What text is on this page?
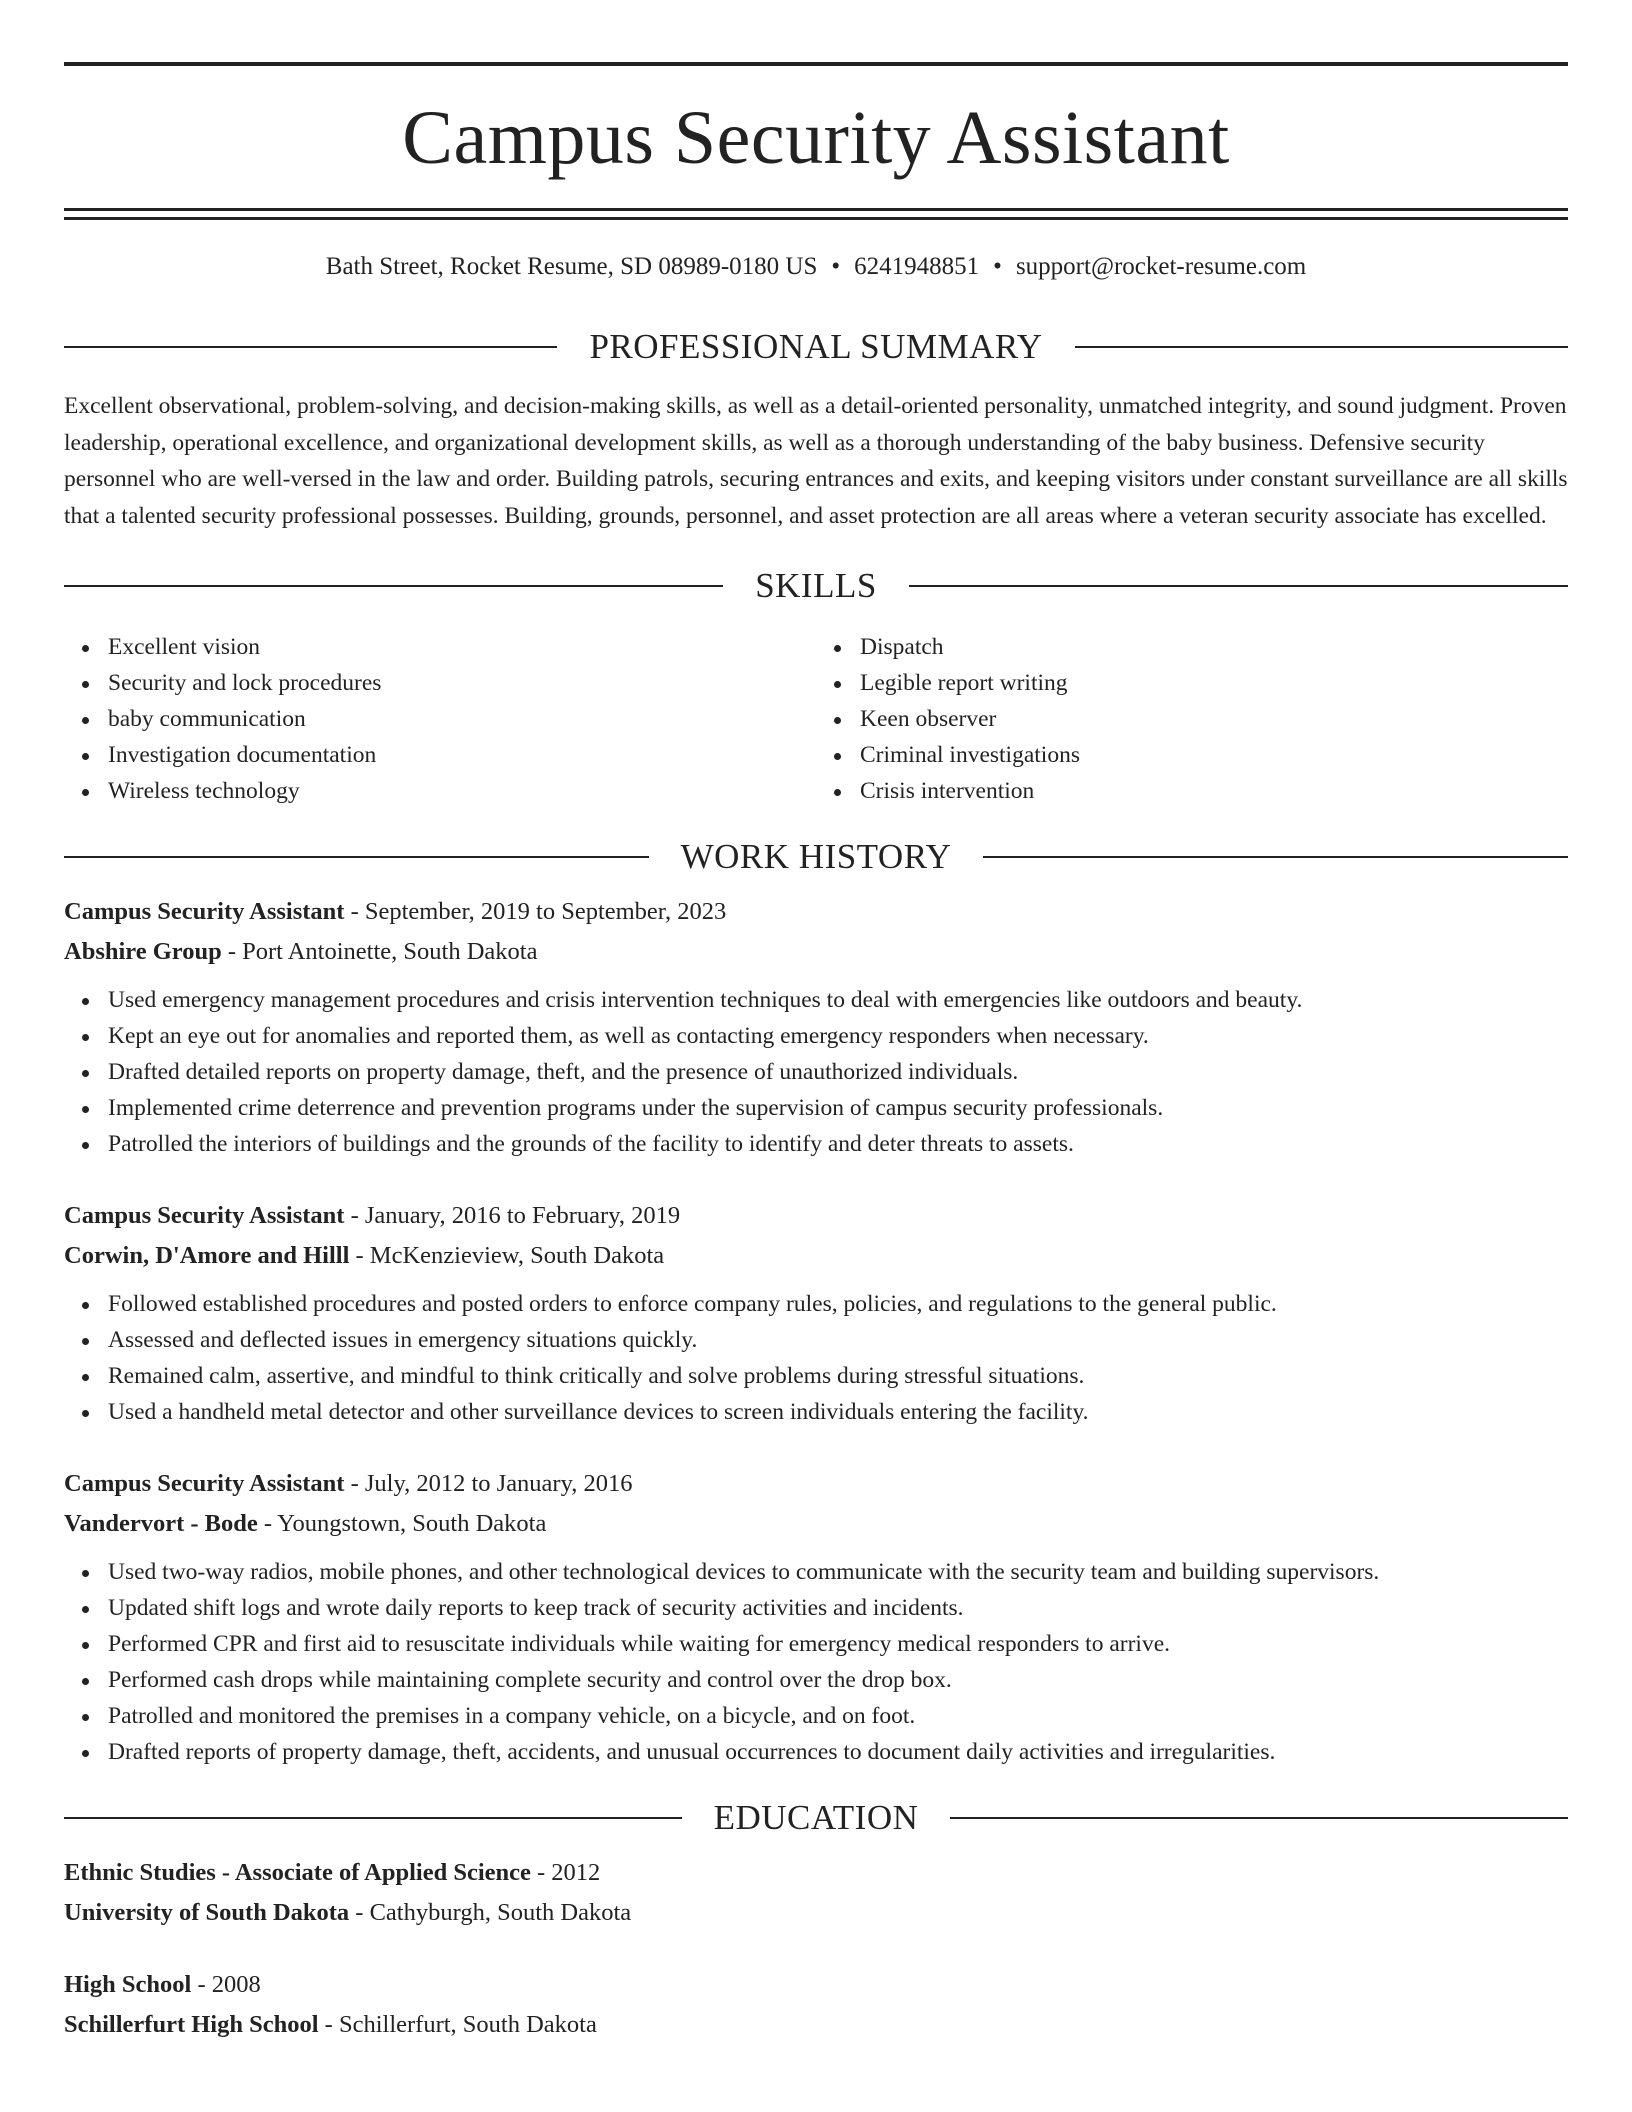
Campus Security Assistant
Bath Street, Rocket Resume, SD 08989-0180 US • 6241948851 • support@rocket-resume.com
PROFESSIONAL SUMMARY

Excellent observational, problem-solving, and decision-making skills, as well as a detail-oriented personality, unmatched integrity, and sound judgment. Proven leadership, operational excellence, and organizational development skills, as well as a thorough understanding of the baby business. Defensive security personnel who are well-versed in the law and order. Building patrols, securing entrances and exits, and keeping visitors under constant surveillance are all skills that a talented security professional possesses. Building, grounds, personnel, and asset protection are all areas where a veteran security associate has excelled.

SKILLS
Excellent vision
Security and lock procedures
baby communication
Investigation documentation
Wireless technology
Dispatch
Legible report writing
Keen observer
Criminal investigations
Crisis intervention
WORK HISTORY
Campus Security Assistant - September, 2019 to September, 2023
Abshire Group - Port Antoinette, South Dakota
Used emergency management procedures and crisis intervention techniques to deal with emergencies like outdoors and beauty.
Kept an eye out for anomalies and reported them, as well as contacting emergency responders when necessary.
Drafted detailed reports on property damage, theft, and the presence of unauthorized individuals.
Implemented crime deterrence and prevention programs under the supervision of campus security professionals.
Patrolled the interiors of buildings and the grounds of the facility to identify and deter threats to assets.
Campus Security Assistant - January, 2016 to February, 2019
Corwin, D'Amore and Hilll - McKenzieview, South Dakota
Followed established procedures and posted orders to enforce company rules, policies, and regulations to the general public.
Assessed and deflected issues in emergency situations quickly.
Remained calm, assertive, and mindful to think critically and solve problems during stressful situations.
Used a handheld metal detector and other surveillance devices to screen individuals entering the facility.
Campus Security Assistant - July, 2012 to January, 2016
Vandervort - Bode - Youngstown, South Dakota
Used two-way radios, mobile phones, and other technological devices to communicate with the security team and building supervisors.
Updated shift logs and wrote daily reports to keep track of security activities and incidents.
Performed CPR and first aid to resuscitate individuals while waiting for emergency medical responders to arrive.
Performed cash drops while maintaining complete security and control over the drop box.
Patrolled and monitored the premises in a company vehicle, on a bicycle, and on foot.
Drafted reports of property damage, theft, accidents, and unusual occurrences to document daily activities and irregularities.
EDUCATION
Ethnic Studies - Associate of Applied Science - 2012
University of South Dakota - Cathyburgh, South Dakota
High School - 2008
Schillerfurt High School - Schillerfurt, South Dakota
